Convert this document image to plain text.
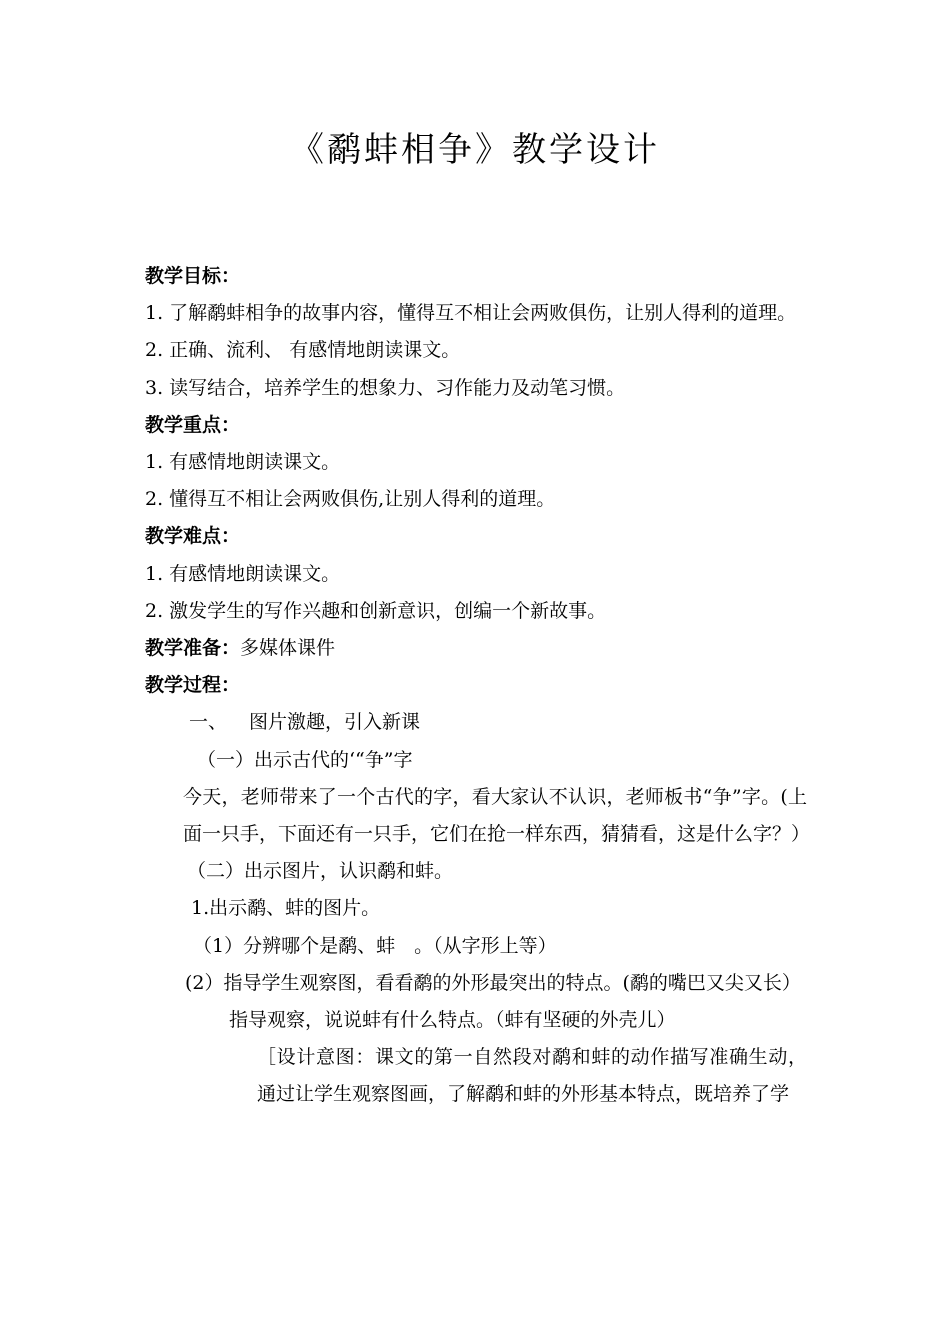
《鹬蚌相争》教学设计

教学目标：

1. 了解鹬蚌相争的故事内容，懂得互不相让会两败俱伤，让别人得利的道理。

2. 正确、流利、 有感情地朗读课文。

3. 读写结合，培养学生的想象力、习作能力及动笔习惯。

教学重点：

1. 有感情地朗读课文。

2. 懂得互不相让会两败俱伤,让别人得利的道理。

教学难点：

1. 有感情地朗读课文。

2. 激发学生的写作兴趣和创新意识，创编一个新故事。

教学准备：多媒体课件

教学过程：

一、 图片激趣，引入新课

（一）出示古代的‘“争”字

今天，老师带来了一个古代的字，看大家认不认识，老师板书“争”字。(上面一只手，下面还有一只手，它们在抢一样东西，猜猜看，这是什么字？）

（二）出示图片，认识鹬和蚌。

1.出示鹬、蚌的图片。

（1）分辨哪个是鹬、蚌　。（从字形上等）

(2）指导学生观察图，看看鹬的外形最突出的特点。(鹬的嘴巴又尖又长）

指导观察，说说蚌有什么特点。（蚌有坚硬的外壳儿）

［设计意图：课文的第一自然段对鹬和蚌的动作描写准确生动，通过让学生观察图画，了解鹬和蚌的外形基本特点，既培养了学
